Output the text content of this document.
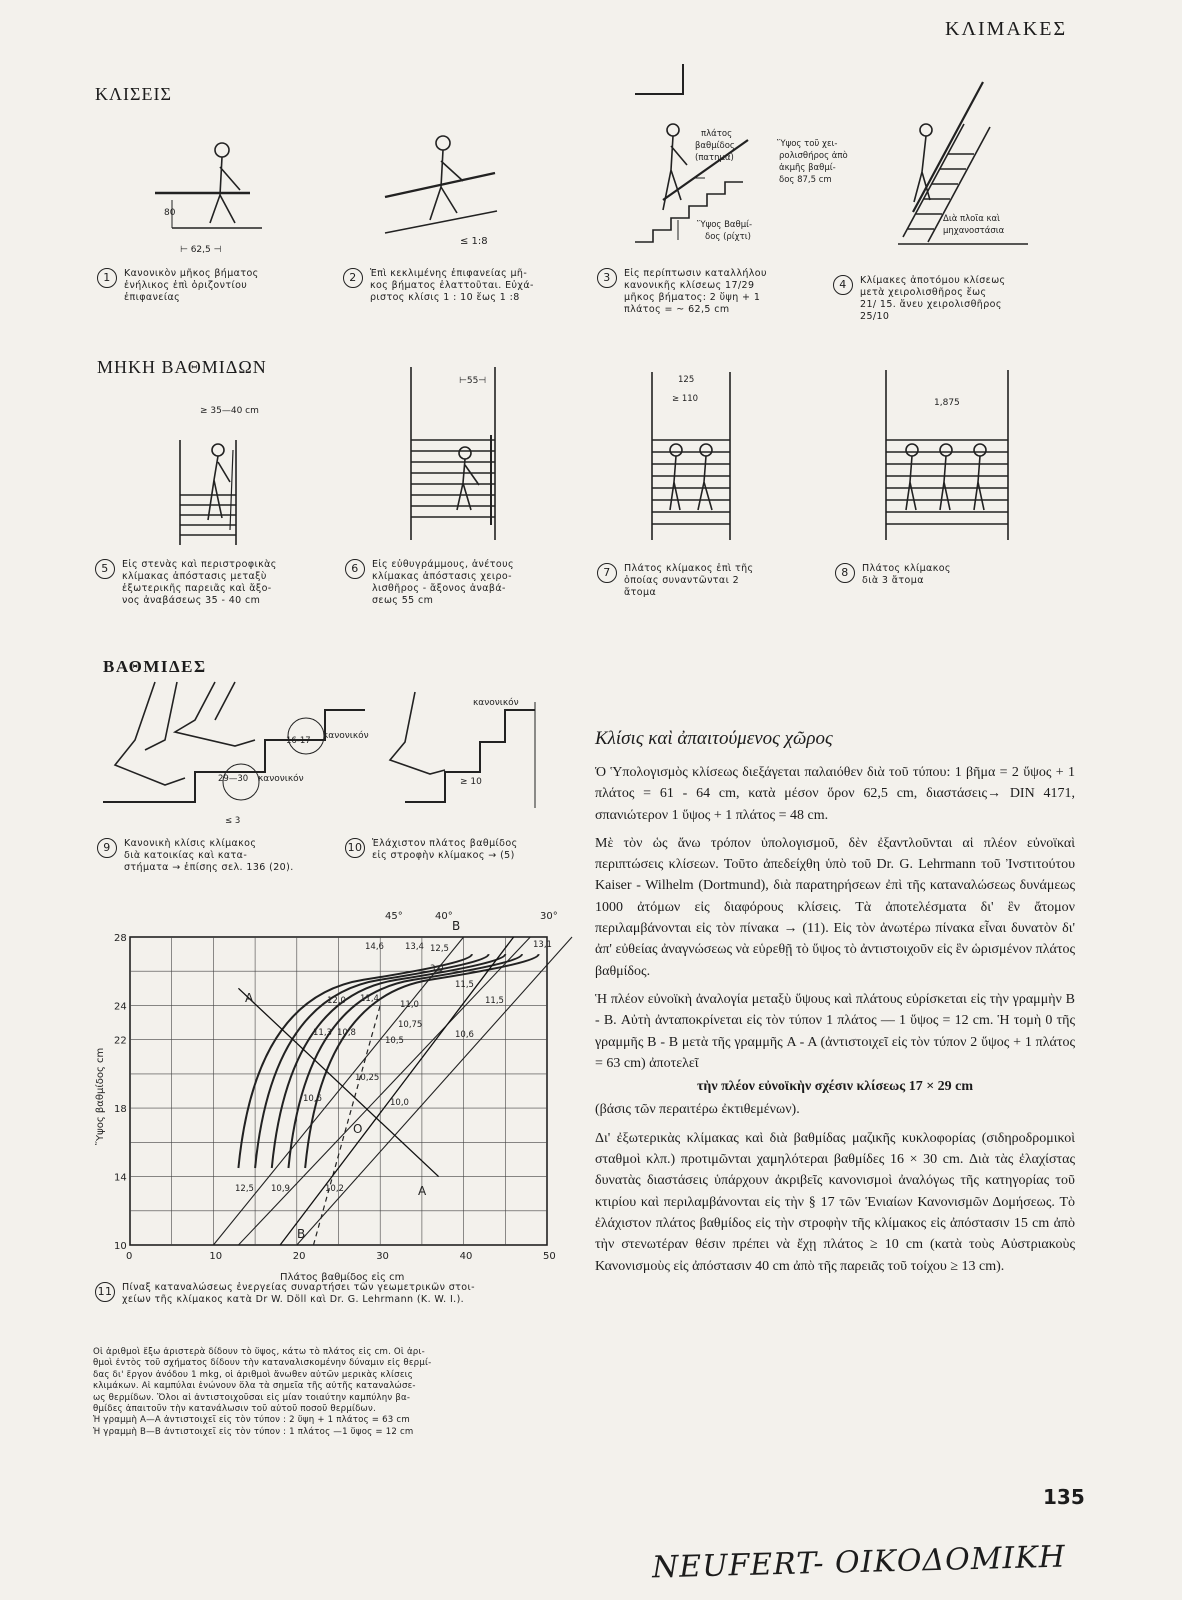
ΚΛΙΜΑΚΕΣ
ΚΛΙΣΕΙΣ
80
⊢ 62,5 ⊣
1	Κανονικὸν μῆκος βήματος
ἐνήλικος ἐπὶ ὁριζοντίου
ἐπιφανείας
≤ 1:8
2	Ἐπὶ κεκλιμένης ἐπιφανείας μῆ-
κος βήματος ἐλαττοῦται. Εὐχά-
ριστος κλίσις 1 : 10 ἕως 1 :8
πλάτος
βαθμίδος
(πατημα)
Ὕψος Βαθμί-
δος (ρίχτι)
Ὕψος τοῦ χει-
ρολισθήρος ἀπὸ
ἀκμῆς βαθμί-
δος 87,5 cm
3	Εἰς περίπτωσιν καταλλήλου
κανονικῆς κλίσεως 17/29
μῆκος βήματος: 2 ὕψη + 1
πλάτος = ~ 62,5 cm
Διὰ πλοῖα καὶ
μηχανοστάσια
4	Κλίμακες ἀποτόμου κλίσεως
μετὰ χειρολισθῆρος ἕως
21/ 15. ἄνευ χειρολισθῆρος
25/10
ΜΗΚΗ ΒΑΘΜΙΔΩΝ
≥ 35—40 cm
5	Εἰς στενὰς καὶ περιστροφικὰς
κλίμακας ἀπόστασις μεταξὺ
ἐξωτερικῆς παρειᾶς καὶ ἄξο-
νος ἀναβάσεως 35 - 40 cm
⊢55⊣
6	Εἰς εὐθυγράμμους, ἀνέτους
κλίμακας ἀπόστασις χειρο-
λισθῆρος - ἄξονος ἀναβά-
σεως 55 cm
125
≥ 110
7	Πλάτος κλίμακος ἐπὶ τῆς
ὁποίας συναντῶνται 2
ἄτομα
1,875
8	Πλάτος κλίμακος
διὰ 3 ἄτομα
ΒΑΘΜΙΔΕΣ
16-17 κανονικόν
29—30 κανονικόν
≤ 3
9	Κανονικὴ κλίσις κλίμακος
διὰ κατοικίας καὶ κατα-
στήματα → ἐπίσης σελ. 136 (20).
κανονικόν
≥ 10
10 Ἐλάχιστον πλάτος βαθμίδος
εἰς στροφὴν κλίμακος → (5)
0	10	20	30	40	50
10
14
18
22
24
28
45°	40°	30°
A
A
B
B
O
14,6 13,4 12,5	13,1
3,0
11,5
12,0 11,4
11,0	11,5
10,75
11,3 10,8	10,6
10,5
10,25
10,6	10,0
12,5 10,9	10,2
Πλάτος βαθμίδος εἰς cm
Ὕψος βαθμίδος cm
11 Πίναξ καταναλώσεως ἐνεργείας συναρτήσει τῶν γεωμετρικῶν στοι-
χείων τῆς κλίμακος κατὰ Dr W. Döll καὶ Dr. G. Lehrmann (K. W. I.).

Οἱ ἀριθμοὶ ἔξω ἀριστερὰ δίδουν τὸ ὕψος, κάτω τὸ πλάτος εἰς cm. Οἱ ἀρι-
θμοὶ ἐντὸς τοῦ σχήματος δίδουν τὴν καταναλισκομένην δύναμιν εἰς θερμί-
δας δι' ἔργον ἀνόδου 1 mkg, οἱ ἀριθμοὶ ἄνωθεν αὐτῶν μερικὰς κλίσεις
κλιμάκων. Αἱ καμπύλαι ἑνώνουν ὅλα τὰ σημεῖα τῆς αὐτῆς καταναλώσε-
ως θερμίδων. Ὅλοι αἱ ἀντιστοιχοῦσαι εἰς μίαν τοιαύτην καμπύλην βα-
θμίδες ἀπαιτοῦν τὴν κατανάλωσιν τοῦ αὐτοῦ ποσοῦ θερμίδων.

Ἡ γραμμὴ A—A ἀντιστοιχεῖ εἰς τὸν τύπον : 2 ὕψη + 1 πλάτος = 63 cm

Ἡ γραμμὴ B—B ἀντιστοιχεῖ εἰς τὸν τύπον : 1 πλάτος —1 ὕψος = 12 cm

Κλίσις καὶ ἀπαιτούμενος χῶρος

Ὁ Ὑπολογισμὸς κλίσεως διεξάγεται παλαιόθεν διὰ τοῦ τύπου: 1 βῆμα = 2 ὕψος + 1 πλάτος = 61 - 64 cm, κατὰ μέσον ὅρον 62,5 cm, διαστάσεις→ DIN 4171, σπανιώτερον 1 ὕψος + 1 πλάτος = 48 cm.

Μὲ τὸν ὡς ἄνω τρόπον ὑπολογισμοῦ, δὲν ἐξαντλοῦνται αἱ πλέον εὐνοϊκαὶ περιπτώσεις κλίσεων. Τοῦτο ἀπεδείχθη ὑπὸ τοῦ Dr. G. Lehrmann τοῦ Ἰνστιτούτου Kaiser - Wilhelm (Dortmund), διὰ παρατηρήσεων ἐπὶ τῆς καταναλώσεως δυνάμεως 1000 ἀτόμων εἰς διαφόρους κλίσεις. Τὰ ἀποτελέσματα δι' ἓν ἄτομον περιλαμβάνονται εἰς τὸν πίνακα → (11). Εἰς τὸν ἀνωτέρω πίνακα εἶναι δυνατὸν δι' ἀπ' εὐθείας ἀναγνώσεως νὰ εὑρεθῇ τὸ ὕψος τὸ ἀντιστοιχοῦν εἰς ἓν ὡρισμένον πλάτος βαθμίδος.

Ἡ πλέον εὐνοϊκὴ ἀναλογία μεταξὺ ὕψους καὶ πλάτους εὑρίσκεται εἰς τὴν γραμμὴν B - B. Αὐτὴ ἀνταποκρίνεται εἰς τὸν τύπον 1 πλάτος — 1 ὕψος = 12 cm. Ἡ τομὴ 0 τῆς γραμμῆς B - B μετὰ τῆς γραμμῆς A - A (ἀντιστοιχεῖ εἰς τὸν τύπον 2 ὕψος + 1 πλάτος = 63 cm) ἀποτελεῖ

τὴν πλέον εὐνοϊκὴν σχέσιν κλίσεως 17 × 29 cm

(βάσις τῶν περαιτέρω ἐκτιθεμένων).

Δι' ἐξωτερικὰς κλίμακας καὶ διὰ βαθμίδας μαζικῆς κυκλοφορίας (σιδηροδρομικοὶ σταθμοὶ κλπ.) προτιμῶνται χαμηλότεραι βαθμίδες 16 × 30 cm. Διὰ τὰς ἐλαχίστας δυνατὰς διαστάσεις ὑπάρχουν ἀκριβεῖς κανονισμοὶ ἀναλόγως τῆς κατηγορίας τοῦ κτιρίου καὶ περιλαμβάνονται εἰς τὴν § 17 τῶν Ἑνιαίων Κανονισμῶν Δομήσεως. Τὸ ἐλάχιστον πλάτος βαθμίδος εἰς τὴν στροφὴν τῆς κλίμακος εἰς ἀπόστασιν 15 cm ἀπὸ τὴν στενωτέραν θέσιν πρέπει νὰ ἔχῃ πλάτος ≥ 10 cm (κατὰ τοὺς Αὐστριακοὺς Κανονισμοὺς εἰς ἀπόστασιν 40 cm ἀπὸ τῆς παρειᾶς τοῦ τοίχου ≥ 13 cm).

135
ΝΕUFERT- ΟΙΚΟΔΟΜΙΚΗ
